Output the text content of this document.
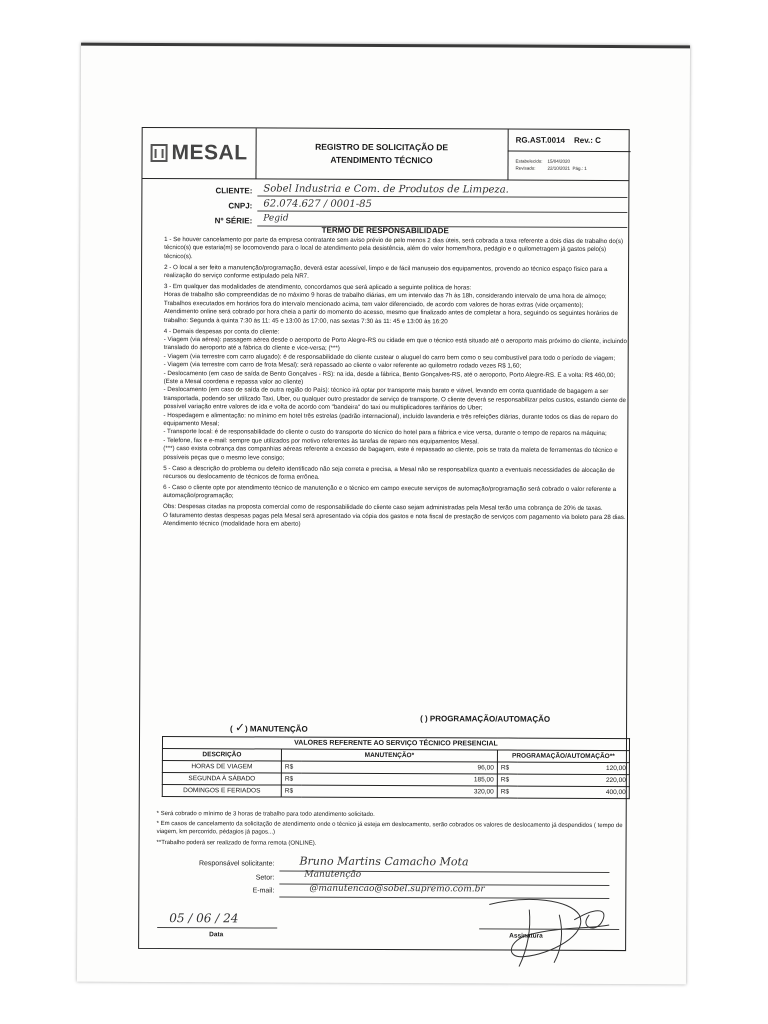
MESAL	REGISTRO DE SOLICITAÇÃO DE
ATENDIMENTO TÉCNICO
RG.AST.0014 Rev.: C
Estabelecido: 15/04/2020
Revisado:	22/10/2021 Pág.: 1
CLIENTE: Sobel Industria e Com. de Produtos de Limpeza.
CNPJ: 62.074.627 / 0001-85
Nº SÉRIE: Pegid
TERMO DE RESPONSABILIDADE

1 - Se houver cancelamento por parte da empresa contratante sem aviso prévio de pelo menos 2 dias úteis, será cobrada a taxa referente a dois dias de trabalho do(s) técnico(s) que estaria(m) se locomovendo para o local de atendimento pela desistência, além do valor homem/hora, pedágio e o quilometragem já gastos pelo(s) técnico(s).

2 - O local a ser feito a manutenção/programação, deverá estar acessível, limpo e de fácil manuseio dos equipamentos, provendo ao técnico espaço físico para a realização do serviço conforme estipulado pela NR7.

3 - Em qualquer das modalidades de atendimento, concordamos que será aplicado a seguinte política de horas:

Horas de trabalho são compreendidas de no máximo 9 horas de trabalho diárias, em um intervalo das 7h às 18h, considerando intervalo de uma hora de almoço;

Trabalhos executados em horários fora do intervalo mencionado acima, tem valor diferenciado, de acordo com valores de horas extras (vide orçamento);

Atendimento online será cobrado por hora cheia a partir do momento do acesso, mesmo que finalizado antes de completar a hora, seguindo os seguintes horários de trabalho: Segunda à quinta 7:30 às 11: 45 e 13:00 às 17:00, nas sextas 7:30 às 11: 45 e 13:00 às 16:20

4 - Demais despesas por conta do cliente:

- Viagem (via aérea): passagem aérea desde o aeroporto de Porto Alegre-RS ou cidade em que o técnico está situado até o aeroporto mais próximo do cliente, incluindo translado do aeroporto até a fábrica do cliente e vice-versa; (***)

- Viagem (via terrestre com carro alugado): é de responsabilidade do cliente custear o aluguel do carro bem como o seu combustível para todo o período de viagem;

- Viagem (via terrestre com carro de frota Mesal): será repassado ao cliente o valor referente ao quilometro rodado vezes R$ 1,60;

- Deslocamento (em caso de saída de Bento Gonçalves - RS): na ida, desde a fábrica, Bento Gonçalves-RS, até o aeroporto, Porto Alegre-RS. E a volta: R$ 460,00; (Este a Mesal coordena e repassa valor ao cliente)

- Deslocamento (em caso de saída de outra região do País): técnico irá optar por transporte mais barato e viável, levando em conta quantidade de bagagem a ser transportada, podendo ser utilizado Taxi, Uber, ou qualquer outro prestador de serviço de transporte. O cliente deverá se responsabilizar pelos custos, estando ciente de possível variação entre valores de ida e volta de acordo com "bandeira" do taxi ou multiplicadores tarifários do Uber;

- Hospedagem e alimentação: no mínimo em hotel três estrelas (padrão internacional), incluído lavanderia e três refeições diárias, durante todos os dias de reparo do equipamento Mesal;

- Transporte local: é de responsabilidade do cliente o custo do transporte do técnico do hotel para a fábrica e vice versa, durante o tempo de reparos na máquina;

- Telefone, fax e e-mail: sempre que utilizados por motivo referentes às tarefas de reparo nos equipamentos Mesal.

(***) caso exista cobrança das companhias aéreas referente a excesso de bagagem, este é repassado ao cliente, pois se trata da maleta de ferramentas do técnico e possíveis peças que o mesmo leve consigo;

5 - Caso a descrição do problema ou defeito identificado não seja correta e precisa, a Mesal não se responsabiliza quanto a eventuais necessidades de alocação de recursos ou deslocamento de técnicos de forma errônea.

6 - Caso o cliente opte por atendimento técnico de manutenção e o técnico em campo execute serviços de automação/programação será cobrado o valor referente a automação/programação;

Obs: Despesas citadas na proposta comercial como de responsabilidade do cliente caso sejam administradas pela Mesal terão uma cobrança de 20% de taxas.

O faturamento destas despesas pagas pela Mesal será apresentado via cópia dos gastos e nota fiscal de prestação de serviços com pagamento via boleto para 28 dias.

Atendimento técnico (modalidade hora em aberto)

( ✓) MANUTENÇÃO
( ) PROGRAMAÇÃO/AUTOMAÇÃO
VALORES REFERENTE AO SERVIÇO TÉCNICO PRESENCIAL				
DESCRIÇÃO	MANUTENÇÃO*		PROGRAMAÇÃO/AUTOMAÇÃO**	
HORAS DE VIAGEM	R$	96,00	R$	120,00
SEGUNDA À SÁBADO	R$	185,00	R$	220,00
DOMINGOS E FERIADOS	R$	320,00	R$	400,00

* Será cobrado o mínimo de 3 horas de trabalho para todo atendimento solicitado.

* Em casos de cancelamento da solicitação de atendimento onde o técnico já esteja em deslocamento, serão cobrados os valores de deslocamento já despendidos ( tempo de viagem, km percorrido, pédagios já pagos...)

**Trabalho poderá ser realizado de forma remota (ONLINE).

Responsável solicitante: Bruno Martins Camacho Mota
Setor:	Manutenção
E-mail:	@manutencao@sobel.supremo.com.br
05 / 06 / 24
Data	Assinatura
